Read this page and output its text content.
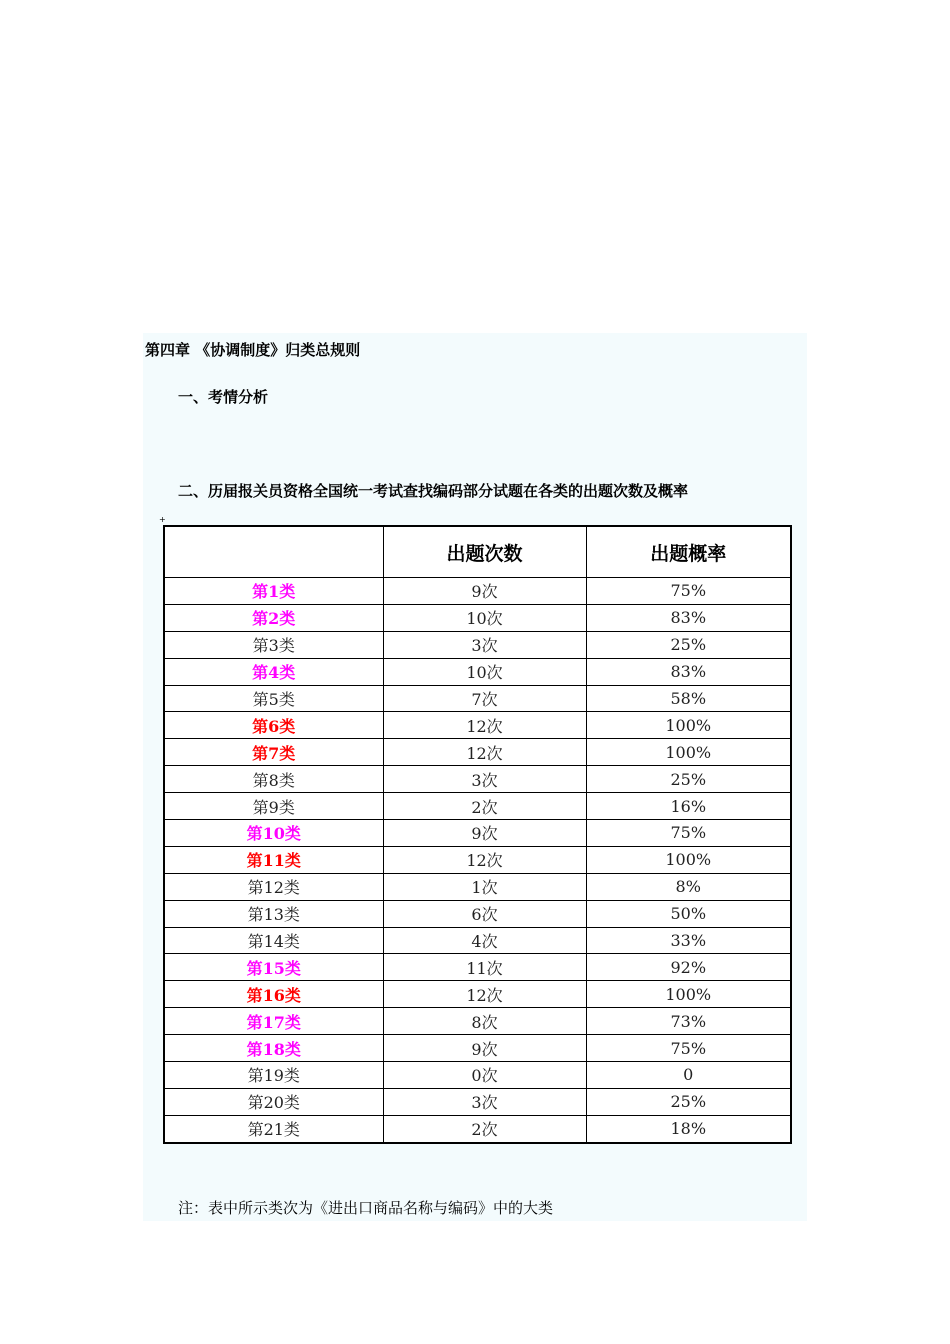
第四章 《协调制度》归类总规则
一、考情分析
二、历届报关员资格全国统一考试查找编码部分试题在各类的出题次数及概率
+
	出题次数	出题概率
第1类	9次	75%
第2类	10次	83%
第3类	3次	25%
第4类	10次	83%
第5类	7次	58%
第6类	12次	100%
第7类	12次	100%
第8类	3次	25%
第9类	2次	16%
第10类	9次	75%
第11类	12次	100%
第12类	1次	8%
第13类	6次	50%
第14类	4次	33%
第15类	11次	92%
第16类	12次	100%
第17类	8次	73%
第18类	9次	75%
第19类	0次	0
第20类	3次	25%
第21类	2次	18%
注：表中所示类次为《进出口商品名称与编码》中的大类
